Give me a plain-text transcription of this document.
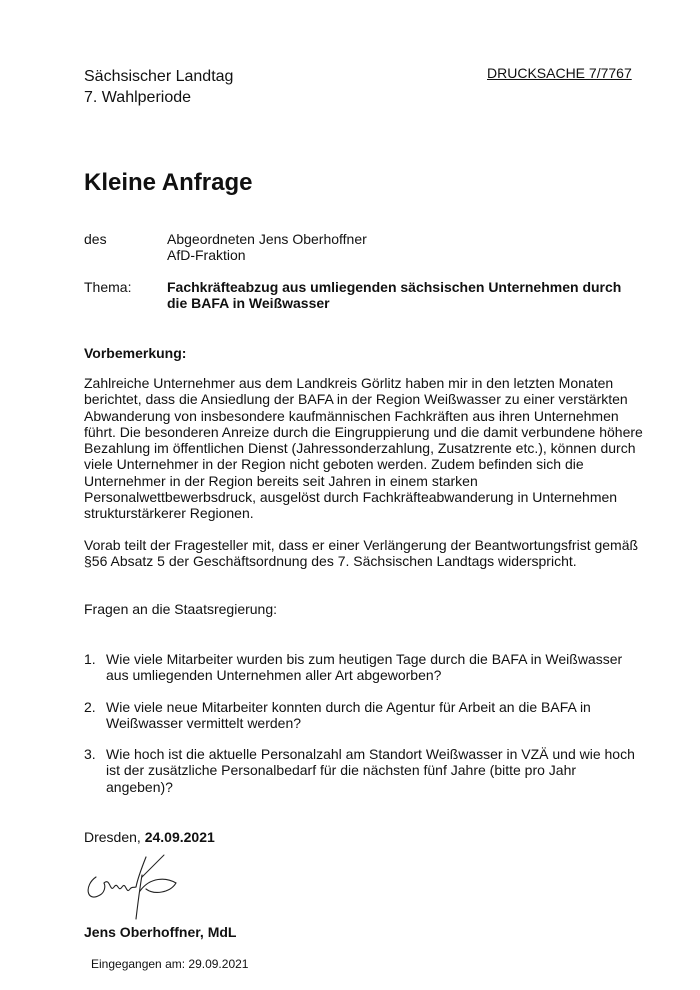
Sächsischer Landtag
7. Wahlperiode
DRUCKSACHE 7/7767
Kleine Anfrage
des	Abgeordneten Jens Oberhoffner
AfD-Fraktion
Thema:	Fachkräfteabzug aus umliegenden sächsischen Unternehmen durch die BAFA in Weißwasser
Vorbemerkung:
Zahlreiche Unternehmer aus dem Landkreis Görlitz haben mir in den letzten Monaten berichtet, dass die Ansiedlung der BAFA in der Region Weißwasser zu einer verstärkten Abwanderung von insbesondere kaufmännischen Fachkräften aus ihren Unternehmen führt. Die besonderen Anreize durch die Eingruppierung und die damit verbundene höhere Bezahlung im öffentlichen Dienst (Jahressonderzahlung, Zusatzrente etc.), können durch viele Unternehmer in der Region nicht geboten werden. Zudem befinden sich die Unternehmer in der Region bereits seit Jahren in einem starken Personalwettbewerbsdruck, ausgelöst durch Fachkräfteabwanderung in Unternehmen strukturstärkerer Regionen.
Vorab teilt der Fragesteller mit, dass er einer Verlängerung der Beantwortungsfrist gemäß §56 Absatz 5 der Geschäftsordnung des 7. Sächsischen Landtags widerspricht.
Fragen an die Staatsregierung:
1. Wie viele Mitarbeiter wurden bis zum heutigen Tage durch die BAFA in Weißwasser aus umliegenden Unternehmen aller Art abgeworben?
2. Wie viele neue Mitarbeiter konnten durch die Agentur für Arbeit an die BAFA in Weißwasser vermittelt werden?
3. Wie hoch ist die aktuelle Personalzahl am Standort Weißwasser in VZÄ und wie hoch ist der zusätzliche Personalbedarf für die nächsten fünf Jahre (bitte pro Jahr angeben)?
Dresden, 24.09.2021
Jens Oberhoffner, MdL
Eingegangen am: 29.09.2021
